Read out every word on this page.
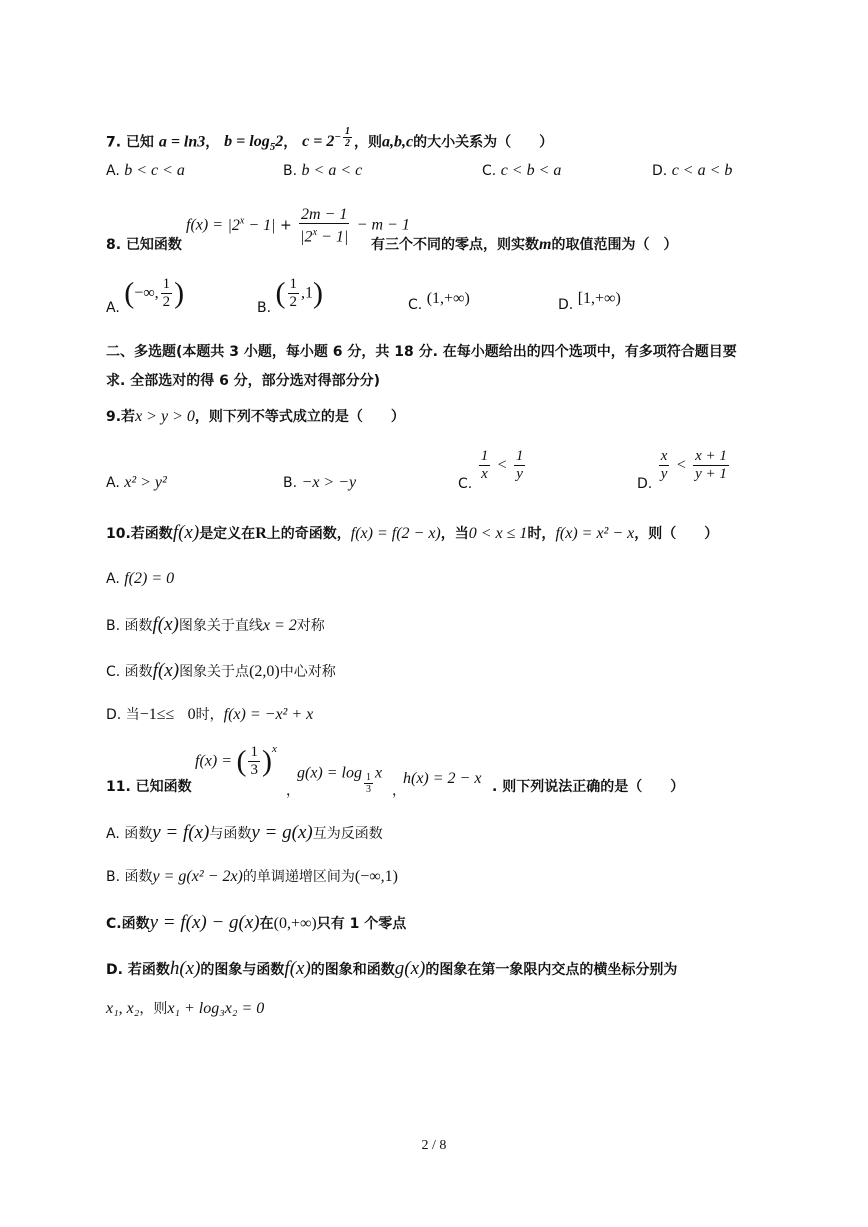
7. 已知 a = ln3， $b = \log_52$， $c = 2^{- \frac{1}{2}}$ ，则a,b,c的大小关系为（　　）
A. b < c < a	B. b < a < c	C. c < b < a	D. c < a < b
8. 已知函数
$f(x) = |2^x - 1| + \frac{2m - 1}{|2^x - 1|} - m - 1$
有三个不同的零点，则实数m的取值范围为（　）
A. (−∞, $\frac{1}{2}$ )	B. ( $\frac{1}{2} ,1$)	C. (1,+∞)	D. [1,+∞)
二、多选题(本题共 3 小题，每小题 6 分，共 18 分. 在每小题给出的四个选项中，有多项符合题目要
求. 全部选对的得 6 分，部分选对得部分分)
9.若x > y > 0，则下列不等式成立的是（　　）
A. x² > y²	B. −x > −y	C.
$\frac{1}{x} < \frac{1}{y}$
D.
$\frac{x}{y} < \frac{x + 1}{y + 1}$
10.若函数f(x)是定义在R上的奇函数，f(x) = f(2 − x)，当0 < x ≤ 1时，f(x) = x² − x，则（　　）
A. f(2) = 0
B. 函数f(x)图象关于直线x = 2对称
C. 函数f(x)图象关于点(2,0)中心对称
D. 当−1≤≤ 0时，f(x) = −x² + x
11. 已知函数
f(x) = ( $\frac{1}{3} )^x$
，
$g(x) = \log \frac{1}{3}$ x
，
h(x) = 2 − x . 则下列说法正确的是（　　）
A. 函数y = f(x)与函数y = g(x)互为反函数
B. 函数y = g(x² − 2x)的单调递增区间为(−∞,1)
C.函数y = f(x) − g(x)在(0,+∞)只有 1 个零点
D. 若函数h(x)的图象与函数f(x)的图象和函数g(x)的图象在第一象限内交点的横坐标分别为
x₁, x₂，则x₁ + log₃x₂ = 0
2 / 8
